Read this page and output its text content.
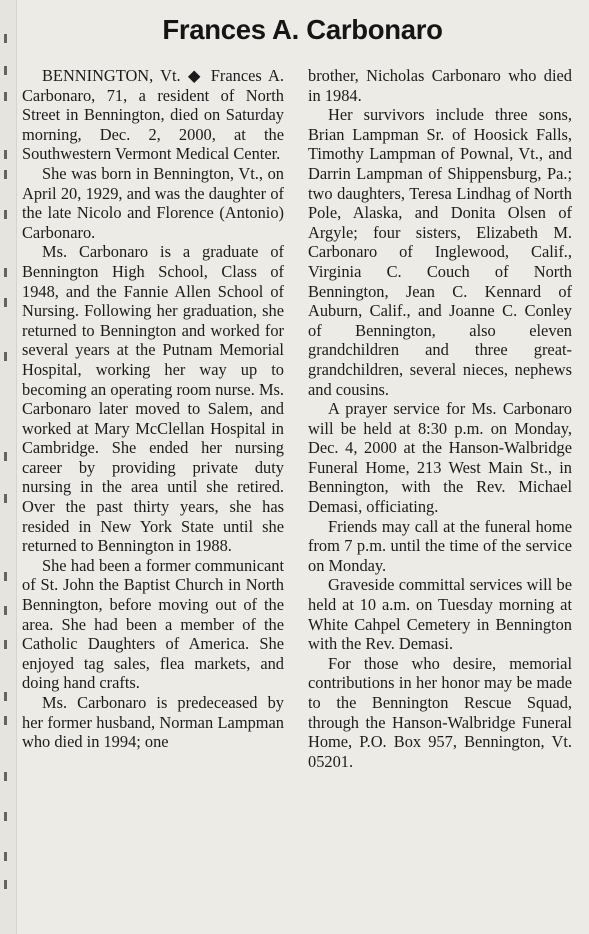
Frances A. Carbonaro

BENNINGTON, Vt. ◆ Frances A. Carbonaro, 71, a resident of North Street in Bennington, died on Saturday morning, Dec. 2, 2000, at the Southwestern Vermont Medical Center.

She was born in Bennington, Vt., on April 20, 1929, and was the daughter of the late Nicolo and Florence (Antonio) Carbonaro.

Ms. Carbonaro is a graduate of Bennington High School, Class of 1948, and the Fannie Allen School of Nursing. Following her graduation, she returned to Bennington and worked for several years at the Putnam Memorial Hospital, working her way up to becoming an operating room nurse. Ms. Carbonaro later moved to Salem, and worked at Mary McClellan Hospital in Cambridge. She ended her nursing career by providing private duty nursing in the area until she retired. Over the past thirty years, she has resided in New York State until she returned to Bennington in 1988.

She had been a former communicant of St. John the Baptist Church in North Bennington, before moving out of the area. She had been a member of the Catholic Daughters of America. She enjoyed tag sales, flea markets, and doing hand crafts.

Ms. Carbonaro is predeceased by her former husband, Norman Lampman who died in 1994; one

brother, Nicholas Carbonaro who died in 1984.

Her survivors include three sons, Brian Lampman Sr. of Hoosick Falls, Timothy Lampman of Pownal, Vt., and Darrin Lampman of Shippensburg, Pa.; two daughters, Teresa Lindhag of North Pole, Alaska, and Donita Olsen of Argyle; four sisters, Elizabeth M. Carbonaro of Inglewood, Calif., Virginia C. Couch of North Bennington, Jean C. Kennard of Auburn, Calif., and Joanne C. Conley of Bennington, also eleven grandchildren and three great-grandchildren, several nieces, nephews and cousins.

A prayer service for Ms. Carbonaro will be held at 8:30 p.m. on Monday, Dec. 4, 2000 at the Hanson-Walbridge Funeral Home, 213 West Main St., in Bennington, with the Rev. Michael Demasi, officiating.

Friends may call at the funeral home from 7 p.m. until the time of the service on Monday.

Graveside committal services will be held at 10 a.m. on Tuesday morning at White Cahpel Cemetery in Bennington with the Rev. Demasi.

For those who desire, memorial contributions in her honor may be made to the Bennington Rescue Squad, through the Hanson-Walbridge Funeral Home, P.O. Box 957, Bennington, Vt. 05201.
